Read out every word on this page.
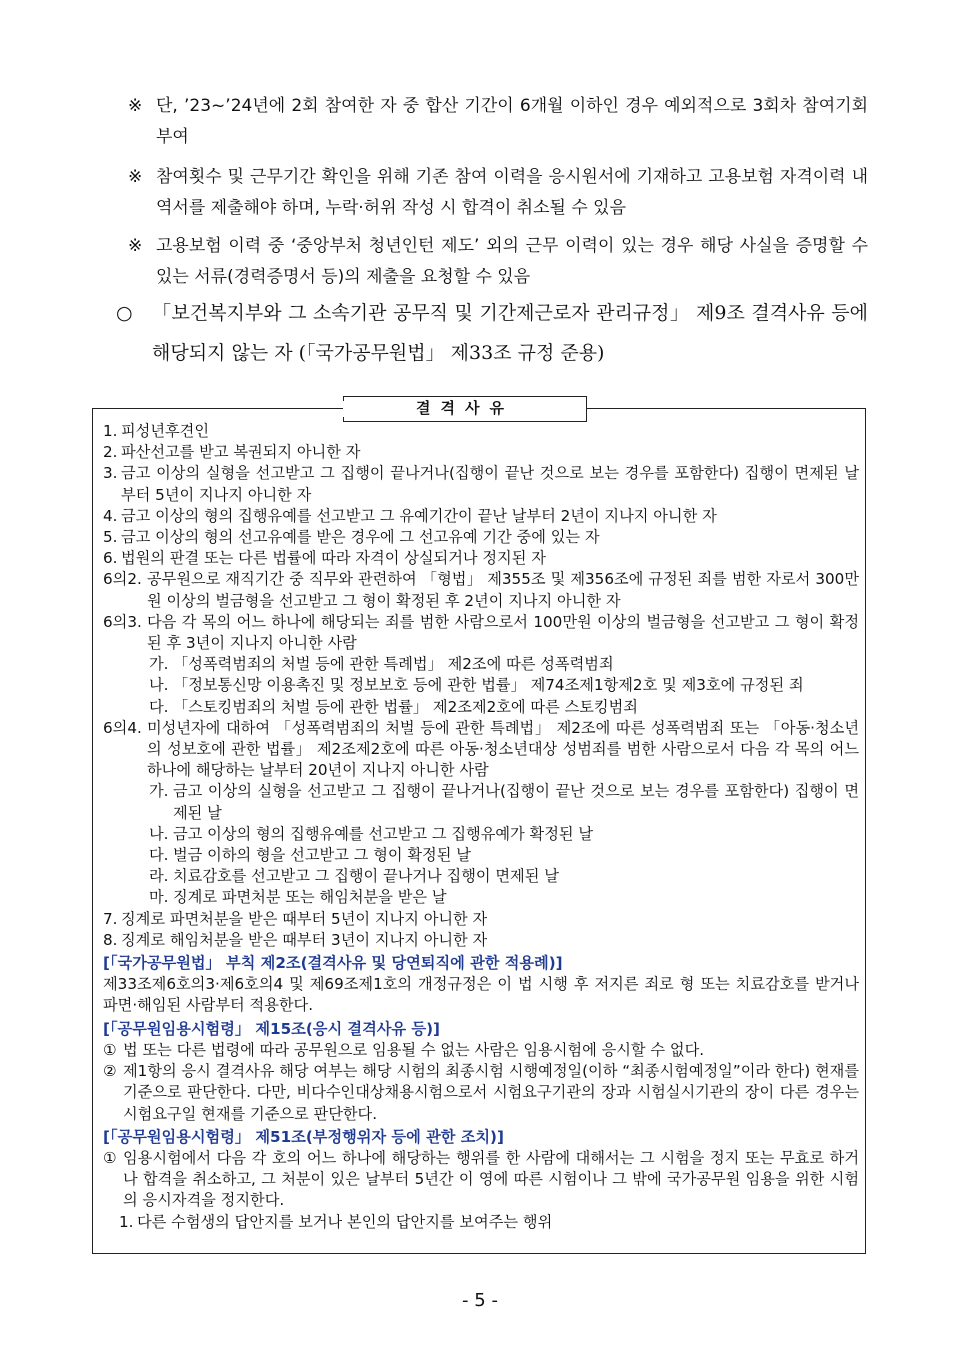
※ 단, ’23~’24년에 2회 참여한 자 중 합산 기간이 6개월 이하인 경우 예외적으로 3회차 참여기회 부여
※ 참여횟수 및 근무기간 확인을 위해 기존 참여 이력을 응시원서에 기재하고 고용보험 자격이력 내역서를 제출해야 하며, 누락·허위 작성 시 합격이 취소될 수 있음
※ 고용보험 이력 중 ‘중앙부처 청년인턴 제도’ 외의 근무 이력이 있는 경우 해당 사실을 증명할 수 있는 서류(경력증명서 등)의 제출을 요청할 수 있음
○	「보건복지부와 그 소속기관 공무직 및 기간제근로자 관리규정」 제9조 결격사유 등에 해당되지 않는 자 (「국가공무원법」 제33조 규정 준용)
결격사유
1. 피성년후견인
2. 파산선고를 받고 복권되지 아니한 자
3. 금고 이상의 실형을 선고받고 그 집행이 끝나거나(집행이 끝난 것으로 보는 경우를 포함한다) 집행이 면제된 날부터 5년이 지나지 아니한 자
4. 금고 이상의 형의 집행유예를 선고받고 그 유예기간이 끝난 날부터 2년이 지나지 아니한 자
5. 금고 이상의 형의 선고유예를 받은 경우에 그 선고유예 기간 중에 있는 자
6. 법원의 판결 또는 다른 법률에 따라 자격이 상실되거나 정지된 자
6의2. 공무원으로 재직기간 중 직무와 관련하여 「형법」 제355조 및 제356조에 규정된 죄를 범한 자로서 300만원 이상의 벌금형을 선고받고 그 형이 확정된 후 2년이 지나지 아니한 자
6의3. 다음 각 목의 어느 하나에 해당되는 죄를 범한 사람으로서 100만원 이상의 벌금형을 선고받고 그 형이 확정된 후 3년이 지나지 아니한 사람
가. 「성폭력범죄의 처벌 등에 관한 특례법」 제2조에 따른 성폭력범죄
나. 「정보통신망 이용촉진 및 정보보호 등에 관한 법률」 제74조제1항제2호 및 제3호에 규정된 죄
다. 「스토킹범죄의 처벌 등에 관한 법률」 제2조제2호에 따른 스토킹범죄
6의4. 미성년자에 대하여 「성폭력범죄의 처벌 등에 관한 특례법」 제2조에 따른 성폭력범죄 또는 「아동·청소년의 성보호에 관한 법률」 제2조제2호에 따른 아동·청소년대상 성범죄를 범한 사람으로서 다음 각 목의 어느 하나에 해당하는 날부터 20년이 지나지 아니한 사람
가. 금고 이상의 실형을 선고받고 그 집행이 끝나거나(집행이 끝난 것으로 보는 경우를 포함한다) 집행이 면제된 날
나. 금고 이상의 형의 집행유예를 선고받고 그 집행유예가 확정된 날
다. 벌금 이하의 형을 선고받고 그 형이 확정된 날
라. 치료감호를 선고받고 그 집행이 끝나거나 집행이 면제된 날
마. 징계로 파면처분 또는 해임처분을 받은 날
7. 징계로 파면처분을 받은 때부터 5년이 지나지 아니한 자
8. 징계로 해임처분을 받은 때부터 3년이 지나지 아니한 자
[「국가공무원법」 부칙 제2조(결격사유 및 당연퇴직에 관한 적용례)]
제33조제6호의3·제6호의4 및 제69조제1호의 개정규정은 이 법 시행 후 저지른 죄로 형 또는 치료감호를 받거나 파면·해임된 사람부터 적용한다.
[「공무원임용시험령」 제15조(응시 결격사유 등)]
① 법 또는 다른 법령에 따라 공무원으로 임용될 수 없는 사람은 임용시험에 응시할 수 없다.
② 제1항의 응시 결격사유 해당 여부는 해당 시험의 최종시험 시행예정일(이하 “최종시험예정일”이라 한다) 현재를 기준으로 판단한다. 다만, 비다수인대상채용시험으로서 시험요구기관의 장과 시험실시기관의 장이 다른 경우는 시험요구일 현재를 기준으로 판단한다.
[「공무원임용시험령」 제51조(부정행위자 등에 관한 조치)]
① 임용시험에서 다음 각 호의 어느 하나에 해당하는 행위를 한 사람에 대해서는 그 시험을 정지 또는 무효로 하거나 합격을 취소하고, 그 처분이 있은 날부터 5년간 이 영에 따른 시험이나 그 밖에 국가공무원 임용을 위한 시험의 응시자격을 정지한다.
1. 다른 수험생의 답안지를 보거나 본인의 답안지를 보여주는 행위
- 5 -
